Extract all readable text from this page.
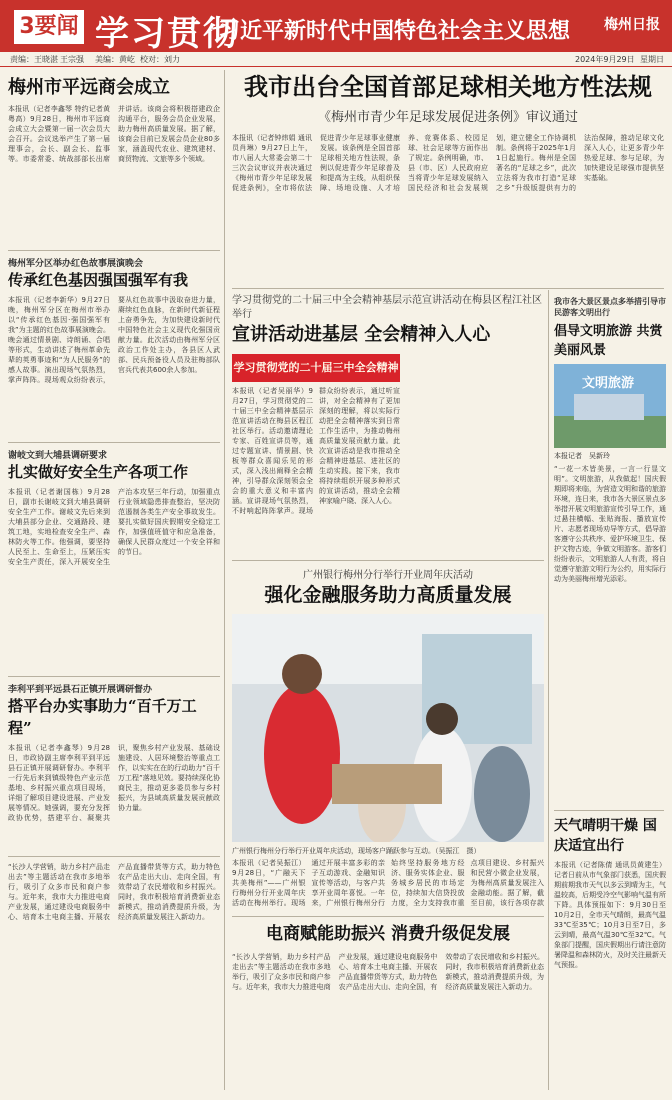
3要闻 学习贯彻
习近平新时代中国特色社会主义思想 梅州日报
责编：王晓湛 王宗强 美编：黄屹 校对：刘力	2024年9月29日 星期日
梅州市平远商会成立
本报讯（记者李鑫琴 特约记者黄粤高）9月28日，梅州市平远商会成立大会暨第一届一次会员大会召开。会议选举产生了第一届理事会，会长、副会长、监事等。市委常委、统战部部长出席并讲话。该商会将积极搭建政企沟通平台，服务会员企业发展，助力梅州高质量发展。据了解，该商会目前已发展会员企业80多家，涵盖现代农业、建筑建材、商贸物流、文旅等多个领域。
梅州军分区举办红色故事展演晚会
传承红色基因强国强军有我
本报讯（记者李新华）9月27日晚，梅州军分区在梅州市举办以“传承红色基因·强国强军有我”为主题的红色故事展演晚会。晚会通过情景剧、诗朗诵、合唱等形式，生动讲述了梅州革命先辈的英勇事迹和“为人民服务”的感人故事。演出现场气氛热烈，掌声阵阵。现场观众纷纷表示，要从红色故事中汲取奋进力量，赓续红色血脉，在新时代新征程上奋勇争先，为加快建设新时代中国特色社会主义现代化强国贡献力量。此次活动由梅州军分区政治工作处主办，各县区人武部、民兵预备役人员及驻梅部队官兵代表共600余人参加。
谢岐文到大埔县调研要求
扎实做好安全生产各项工作
本报讯（记者谢国栋）9月28日，副市长谢岐文到大埔县调研安全生产工作。谢岐文先后来到大埔县部分企业、交通路段、建筑工地，实地检查安全生产、森林防火等工作。他强调，要坚持人民至上、生命至上，压紧压实安全生产责任，深入开展安全生产治本攻坚三年行动，加强重点行业领域隐患排查整治，坚决防范遏制各类生产安全事故发生。要扎实做好国庆假期安全稳定工作，加强值班值守和应急准备，确保人民群众度过一个安全祥和的节日。
李利平到平远县石正镇开展调研督办
搭平台办实事助力“百千万工程”
本报讯（记者李鑫琴）9月28日，市政协副主席李利平到平远县石正镇开展调研督办。李利平一行先后来到镇级特色产业示范基地、乡村振兴重点项目现场，详细了解项目建设进展、产业发展等情况。她强调，要充分发挥政协优势，搭建平台、凝聚共识，聚焦乡村产业发展、基础设施建设、人居环境整治等重点工作，以实实在在的行动助力“百千万工程”落地见效。要持续深化协商民主，推动更多委员参与乡村振兴，为县域高质量发展贡献政协力量。
“长沙人学营销，助力乡村产品走出去”等主题活动在我市多地举行，吸引了众多市民和商户参与。近年来，我市大力推进电商产业发展，通过建设电商服务中心、培育本土电商主播、开展农产品直播带货等方式，助力特色农产品走出大山、走向全国，有效带动了农民增收和乡村振兴。同时，我市积极培育消费新业态新模式，推动消费提质升级，为经济高质量发展注入新动力。
我市出台全国首部足球相关地方性法规
《梅州市青少年足球发展促进条例》审议通过
本报讯（记者钟炜娟 通讯员肖琳）9月27日上午，市八届人大常委会第二十三次会议审议并表决通过《梅州市青少年足球发展促进条例》，全市将依法促进青少年足球事业健康发展。该条例是全国首部足球相关地方性法规，条例以促进青少年足球普及和提高为主线，从组织保障、场地设施、人才培养、竞赛体系、校园足球、社会足球等方面作出了规定。条例明确，市、县（市、区）人民政府应当将青少年足球发展纳入国民经济和社会发展规划，建立健全工作协调机制。条例将于2025年1月1日起施行。梅州是全国著名的“足球之乡”，此次立法将为我市打造“足球之乡”升级版提供有力的法治保障，推动足球文化深入人心，让更多青少年热爱足球、参与足球，为加快建设足球强市提供坚实基础。
学习贯彻党的二十届三中全会精神基层示范宣讲活动在梅县区程江社区举行
宣讲活动进基层 全会精神入人心
学习贯彻党的二十届三中全会精神
本报讯（记者吴丽华）9月27日，学习贯彻党的二十届三中全会精神基层示范宣讲活动在梅县区程江社区举行。活动邀请理论专家、百姓宣讲员等，通过专题宣讲、情景剧、快板等群众喜闻乐见的形式，深入浅出阐释全会精神，引导群众深刻领会全会的重大意义和丰富内涵。宣讲现场气氛热烈，不时响起阵阵掌声。现场群众纷纷表示，通过听宣讲，对全会精神有了更加深刻的理解，将以实际行动把全会精神落实到日常工作生活中，为推动梅州高质量发展贡献力量。此次宣讲活动是我市推动全会精神进基层、进社区的生动实践。接下来，我市将持续组织开展多种形式的宣讲活动，推动全会精神家喻户晓、深入人心。
广州银行梅州分行举行开业周年庆活动
强化金融服务助力高质量发展
广州银行梅州分行举行开业周年庆活动，现场客户踊跃参与互动。（吴振江　摄）
本报讯（记者吴振江）9月28日，“广融天下 共美梅州”——广州银行梅州分行开业周年庆活动在梅州举行。现场通过开展丰富多彩的亲子互动游戏、金融知识宣传等活动，与客户共享开业周年喜悦。一年来，广州银行梅州分行始终坚持服务地方经济、服务实体企业、服务城乡居民的市场定位，持续加大信贷投放力度，全力支持我市重点项目建设、乡村振兴和民营小微企业发展，为梅州高质量发展注入金融动能。据了解，截至目前，该行各项存款
电商赋能助振兴 消费升级促发展
“长沙人学营销，助力乡村产品走出去”等主题活动在我市多地举行，吸引了众多市民和商户参与。近年来，我市大力推进电商产业发展，通过建设电商服务中心、培育本土电商主播、开展农产品直播带货等方式，助力特色农产品走出大山、走向全国，有效带动了农民增收和乡村振兴。同时，我市积极培育消费新业态新模式，推动消费提质升级，为经济高质量发展注入新动力。
我市各大景区景点多举措引导市民游客文明出行
倡导文明旅游 共赏美丽风景
文明旅游
本报记者　吴新玲
“一花一木皆美景，一言一行显文明”。文明旅游，从我做起！国庆假期即将来临，为营造文明和谐的旅游环境，连日来，我市各大景区景点多举措开展文明旅游宣传引导工作，通过悬挂横幅、张贴海报、播放宣传片、志愿者现场劝导等方式，倡导游客遵守公共秩序、爱护环境卫生、保护文物古迹，争做文明游客。游客们纷纷表示，文明旅游人人有责，将自觉遵守旅游文明行为公约，用实际行动为美丽梅州增光添彩。
天气晴明干燥 国庆适宜出行
本报讯（记者陈倩 通讯员黄建生）记者日前从市气象部门获悉，国庆假期前期我市天气以多云到晴为主，气温较高，后期受冷空气影响气温有所下降。具体预报如下：9月30日至10月2日，全市天气晴朗，最高气温33℃至35℃；10月3日至7日，多云到晴，最高气温30℃至32℃。气象部门提醒，国庆假期出行请注意防暑降温和森林防火，及时关注最新天气预报。
